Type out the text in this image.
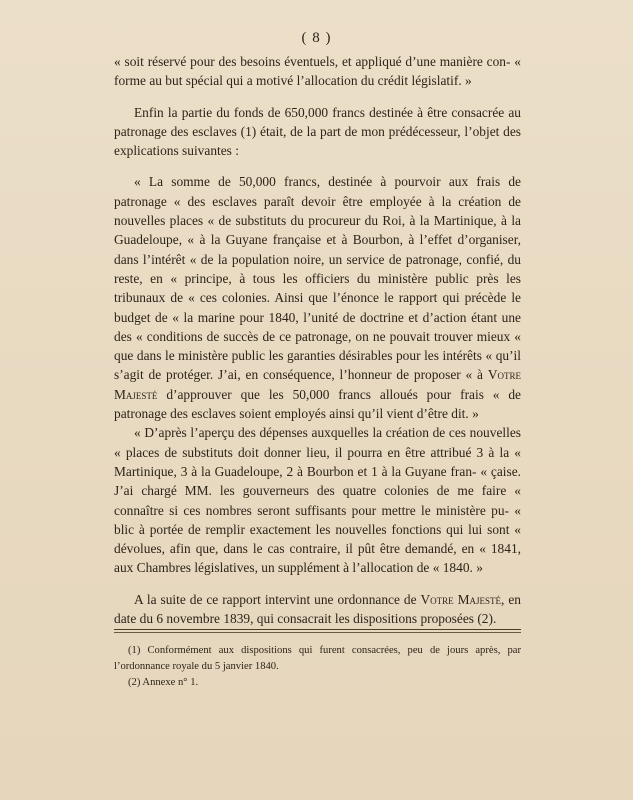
( 8 )

« soit réservé pour des besoins éventuels, et appliqué d’une manière con- « forme au but spécial qui a motivé l’allocation du crédit législatif. »

Enfin la partie du fonds de 650,000 francs destinée à être consacrée au patronage des esclaves (1) était, de la part de mon prédécesseur, l’objet des explications suivantes :

« La somme de 50,000 francs, destinée à pourvoir aux frais de patronage « des esclaves paraît devoir être employée à la création de nouvelles places « de substituts du procureur du Roi, à la Martinique, à la Guadeloupe, « à la Guyane française et à Bourbon, à l’effet d’organiser, dans l’intérêt « de la population noire, un service de patronage, confié, du reste, en « principe, à tous les officiers du ministère public près les tribunaux de « ces colonies. Ainsi que l’énonce le rapport qui précède le budget de « la marine pour 1840, l’unité de doctrine et d’action étant une des « conditions de succès de ce patronage, on ne pouvait trouver mieux « que dans le ministère public les garanties désirables pour les intérêts « qu’il s’agit de protéger. J’ai, en conséquence, l’honneur de proposer « à Votre Majesté d’approuver que les 50,000 francs alloués pour frais « de patronage des esclaves soient employés ainsi qu’il vient d’être dit. »

« D’après l’aperçu des dépenses auxquelles la création de ces nouvelles « places de substituts doit donner lieu, il pourra en être attribué 3 à la « Martinique, 3 à la Guadeloupe, 2 à Bourbon et 1 à la Guyane fran- « çaise. J’ai chargé MM. les gouverneurs des quatre colonies de me faire « connaître si ces nombres seront suffisants pour mettre le ministère pu- « blic à portée de remplir exactement les nouvelles fonctions qui lui sont « dévolues, afin que, dans le cas contraire, il pût être demandé, en « 1841, aux Chambres législatives, un supplément à l’allocation de « 1840. »

A la suite de ce rapport intervint une ordonnance de Votre Majesté, en date du 6 novembre 1839, qui consacrait les dispositions proposées (2).

(1) Conformément aux dispositions qui furent consacrées, peu de jours après, par l’ordonnance royale du 5 janvier 1840.

(2) Annexe n° 1.
